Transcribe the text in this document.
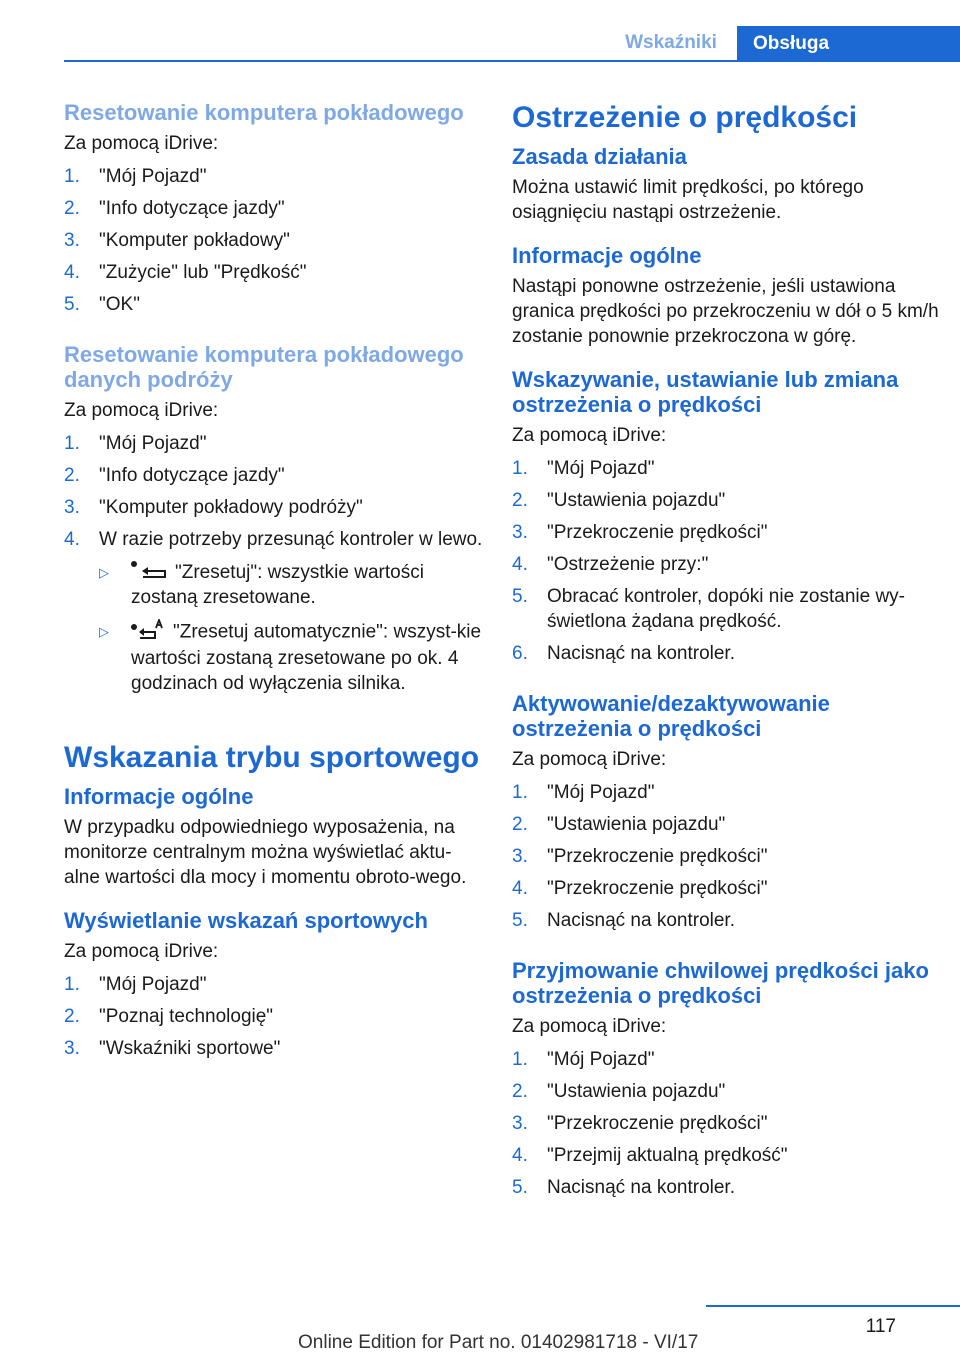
Wskaźniki	Obsługa
Resetowanie komputera pokładowego

Za pomocą iDrive:

1.	"Mój Pojazd"
2.	"Info dotyczące jazdy"
3.	"Komputer pokładowy"
4.	"Zużycie" lub "Prędkość"
5.	"OK"
Resetowanie komputera pokładowego danych podróży

Za pomocą iDrive:

1.	"Mój Pojazd"
2.	"Info dotyczące jazdy"
3.	"Komputer pokładowy podróży"
4.	W razie potrzeby przesunąć kontroler w lewo.
▷	"Zresetuj": wszystkie wartości zostaną zresetowane.
▷	"Zresetuj automatycznie": wszyst‐kie wartości zostaną zresetowane po ok. 4 godzinach od wyłączenia silnika.
Wskazania trybu sportowego
Informacje ogólne

W przypadku odpowiedniego wyposażenia, na monitorze centralnym można wyświetlać aktu‐alne wartości dla mocy i momentu obroto‐wego.

Wyświetlanie wskazań sportowych

Za pomocą iDrive:

1.	"Mój Pojazd"
2.	"Poznaj technologię"
3.	"Wskaźniki sportowe"
Ostrzeżenie o prędkości
Zasada działania

Można ustawić limit prędkości, po którego osiągnięciu nastąpi ostrzeżenie.

Informacje ogólne

Nastąpi ponowne ostrzeżenie, jeśli ustawiona granica prędkości po przekroczeniu w dół o 5 km/h zostanie ponownie przekroczona w górę.

Wskazywanie, ustawianie lub zmiana ostrzeżenia o prędkości

Za pomocą iDrive:

1.	"Mój Pojazd"
2.	"Ustawienia pojazdu"
3.	"Przekroczenie prędkości"
4.	"Ostrzeżenie przy:"
5.	Obracać kontroler, dopóki nie zostanie wy‐świetlona żądana prędkość.
6.	Nacisnąć na kontroler.
Aktywowanie/dezaktywowanie ostrzeżenia o prędkości

Za pomocą iDrive:

1.	"Mój Pojazd"
2.	"Ustawienia pojazdu"
3.	"Przekroczenie prędkości"
4.	"Przekroczenie prędkości"
5.	Nacisnąć na kontroler.
Przyjmowanie chwilowej prędkości jako ostrzeżenia o prędkości

Za pomocą iDrive:

1.	"Mój Pojazd"
2.	"Ustawienia pojazdu"
3.	"Przekroczenie prędkości"
4.	"Przejmij aktualną prędkość"
5.	Nacisnąć na kontroler.
117
Online Edition for Part no. 01402981718 - VI/17
